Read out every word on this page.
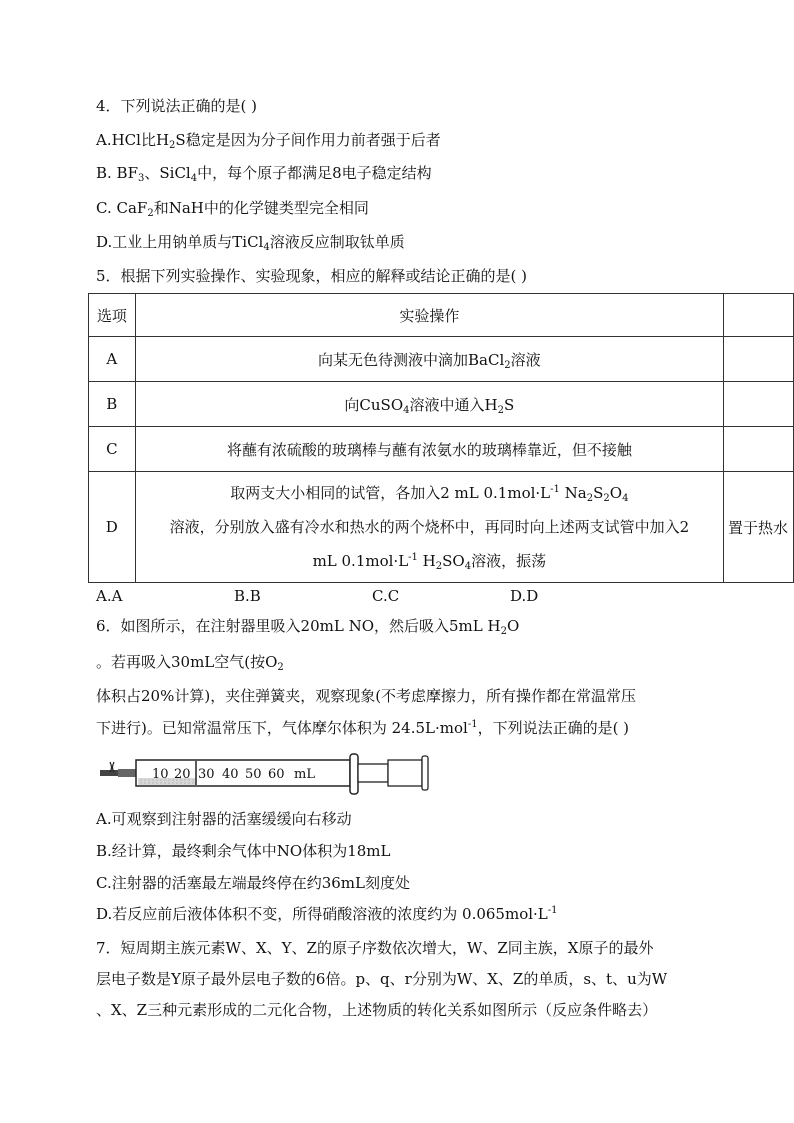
4．下列说法正确的是( )
A.HCl比$H_2S$稳定是因为分子间作用力前者强于后者
B. $BF_3$、SiCl$_4$中，每个原子都满足8电子稳定结构
C. CaF$_2$和NaH中的化学键类型完全相同
D.工业上用钠单质与TiCl$_4$溶液反应制取钛单质
5．根据下列实验操作、实验现象，相应的解释或结论正确的是( )
选项	实验操作	
A	向某无色待测液中滴加BaCl$_2$溶液	
B	向CuSO$_4$溶液中通入$H_2S$	
C	将蘸有浓硫酸的玻璃棒与蘸有浓氨水的玻璃棒靠近，但不接触	
D	取两支大小相同的试管，各加入2 mL $0.1mol\cdot L^{-1}$ $Na_2S_2O_4$
溶液，分别放入盛有冷水和热水的两个烧杯中，再同时向上述两支试管中加入2
mL $0.1mol\cdot L^{-1}$ $H_2SO_4$溶液，振荡	置于热水
A.A	B.B	C.C	D.D
6．如图所示，在注射器里吸入20mL NO，然后吸入5mL $H_2O$
。若再吸入30mL空气(按$O_2$
体积占20%计算)，夹住弹簧夹，观察现象(不考虑摩擦力，所有操作都在常温常压
下进行)。已知常温常压下，气体摩尔体积为 24.5L·mol$^{-1}$，下列说法正确的是( )
10 20 30 40 50 60 mL
A.可观察到注射器的活塞缓缓向右移动
B.经计算，最终剩余气体中NO体积为18mL
C.注射器的活塞最左端最终停在约36mL刻度处
D.若反应前后液体体积不变，所得硝酸溶液的浓度约为 $0.065mol\cdot L^{-1}$
7．短周期主族元素W、X、Y、Z的原子序数依次增大，W、Z同主族，X原子的最外
层电子数是Y原子最外层电子数的6倍。p、q、r分别为W、X、Z的单质，s、t、u为W
、X、Z三种元素形成的二元化合物，上述物质的转化关系如图所示（反应条件略去）
